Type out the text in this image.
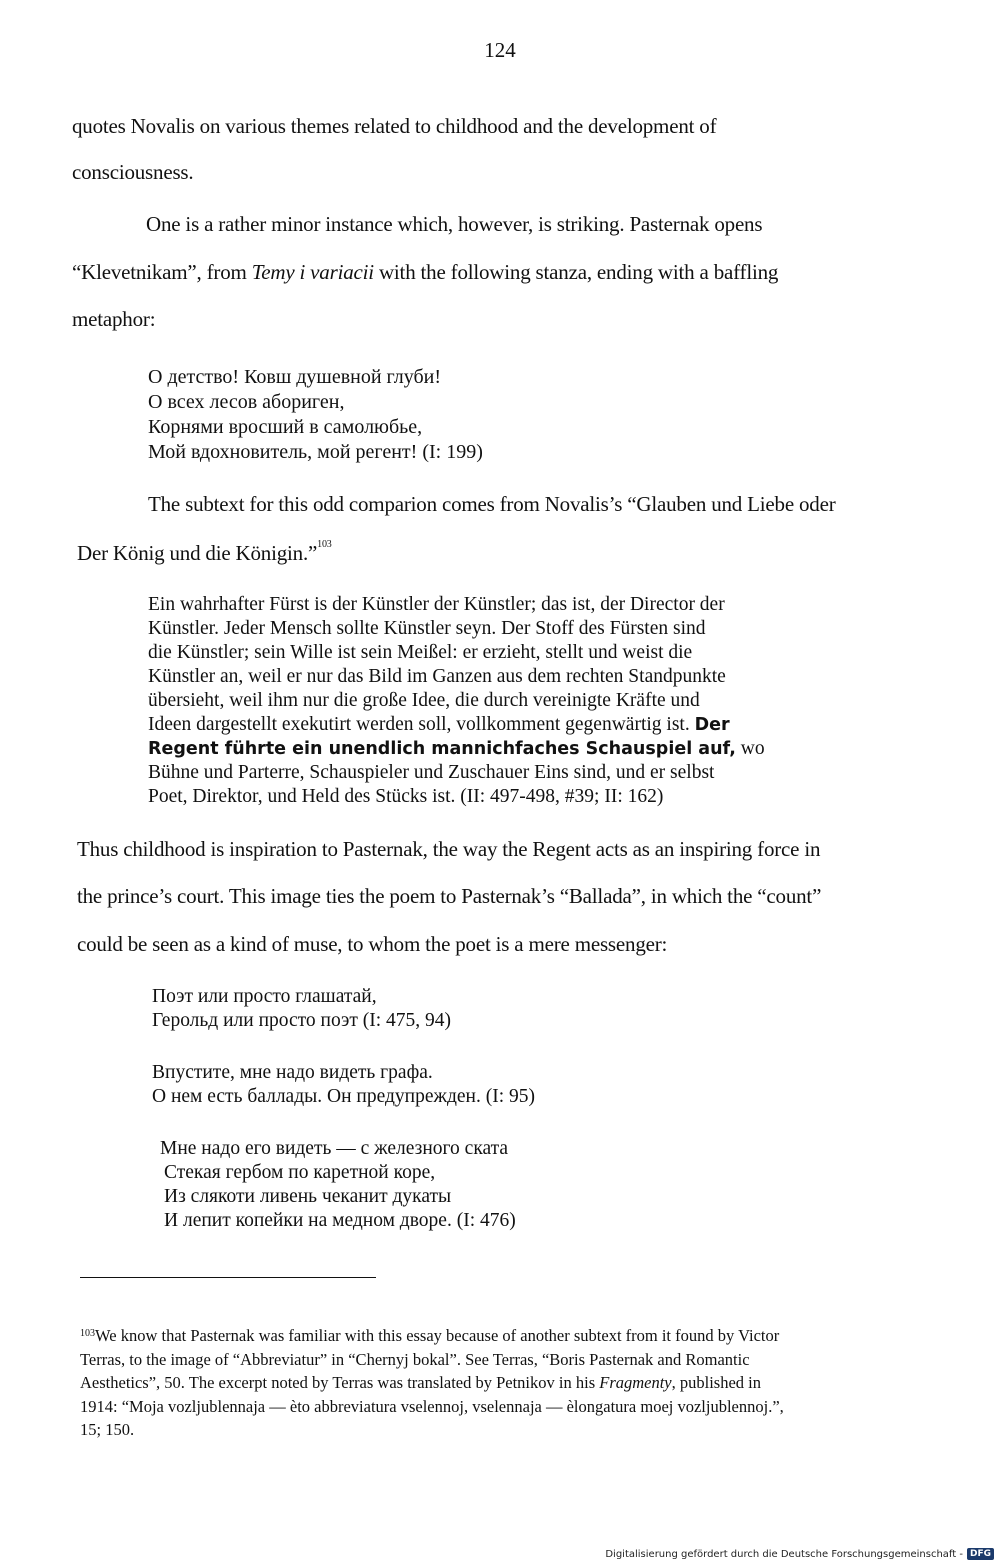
124
quotes Novalis on various themes related to childhood and the development of
consciousness.
One is a rather minor instance which, however, is striking. Pasternak opens
“Klevetnikam”, from Temy i variacii with the following stanza, ending with a baffling
metaphor:
О детство! Ковш душевной глуби!
О всех лесов абориген,
Корнями вросший в самолюбье,
Мой вдохновитель, мой регент! (I: 199)
The subtext for this odd comparion comes from Novalis’s “Glauben und Liebe oder
Der König und die Königin.”$^{103}$
Ein wahrhafter Fürst is der Künstler der Künstler; das ist, der Director der
Künstler. Jeder Mensch sollte Künstler seyn. Der Stoff des Fürsten sind
die Künstler; sein Wille ist sein Meißel: er erzieht, stellt und weist die
Künstler an, weil er nur das Bild im Ganzen aus dem rechten Standpunkte
übersieht, weil ihm nur die große Idee, die durch vereinigte Kräfte und
Ideen dargestellt exekutirt werden soll, vollkomment gegenwärtig ist. Der
Regent führte ein unendlich mannichfaches Schauspiel auf, wo
Bühne und Parterre, Schauspieler und Zuschauer Eins sind, und er selbst
Poet, Direktor, und Held des Stücks ist. (II: 497-498, #39; II: 162)
Thus childhood is inspiration to Pasternak, the way the Regent acts as an inspiring force in
the prince’s court. This image ties the poem to Pasternak’s “Ballada”, in which the “count”
could be seen as a kind of muse, to whom the poet is a mere messenger:
Поэт или просто глашатай,
Герольд или просто поэт (I: 475, 94)
Впустите, мне надо видеть графа.
О нем есть баллады. Он предупрежден. (I: 95)
Мне надо его видеть — с железного ската
Стекая гербом по каретной коре,
Из слякоти ливень чеканит дукаты
И лепит копейки на медном дворе. (I: 476)
$^{103}$We know that Pasternak was familiar with this essay because of another subtext from it found by Victor
Terras, to the image of “Abbreviatur” in “Chernyj bokal”. See Terras, “Boris Pasternak and Romantic
Aesthetics”, 50. The excerpt noted by Terras was translated by Petnikov in his Fragmenty, published in
1914: “Moja vozljublennaja — èto abbreviatura vselennoj, vselennaja — èlongatura moej vozljublennoj.”,
15; 150.
Digitalisierung gefördert durch die Deutsche Forschungsgemeinschaft - DFG
